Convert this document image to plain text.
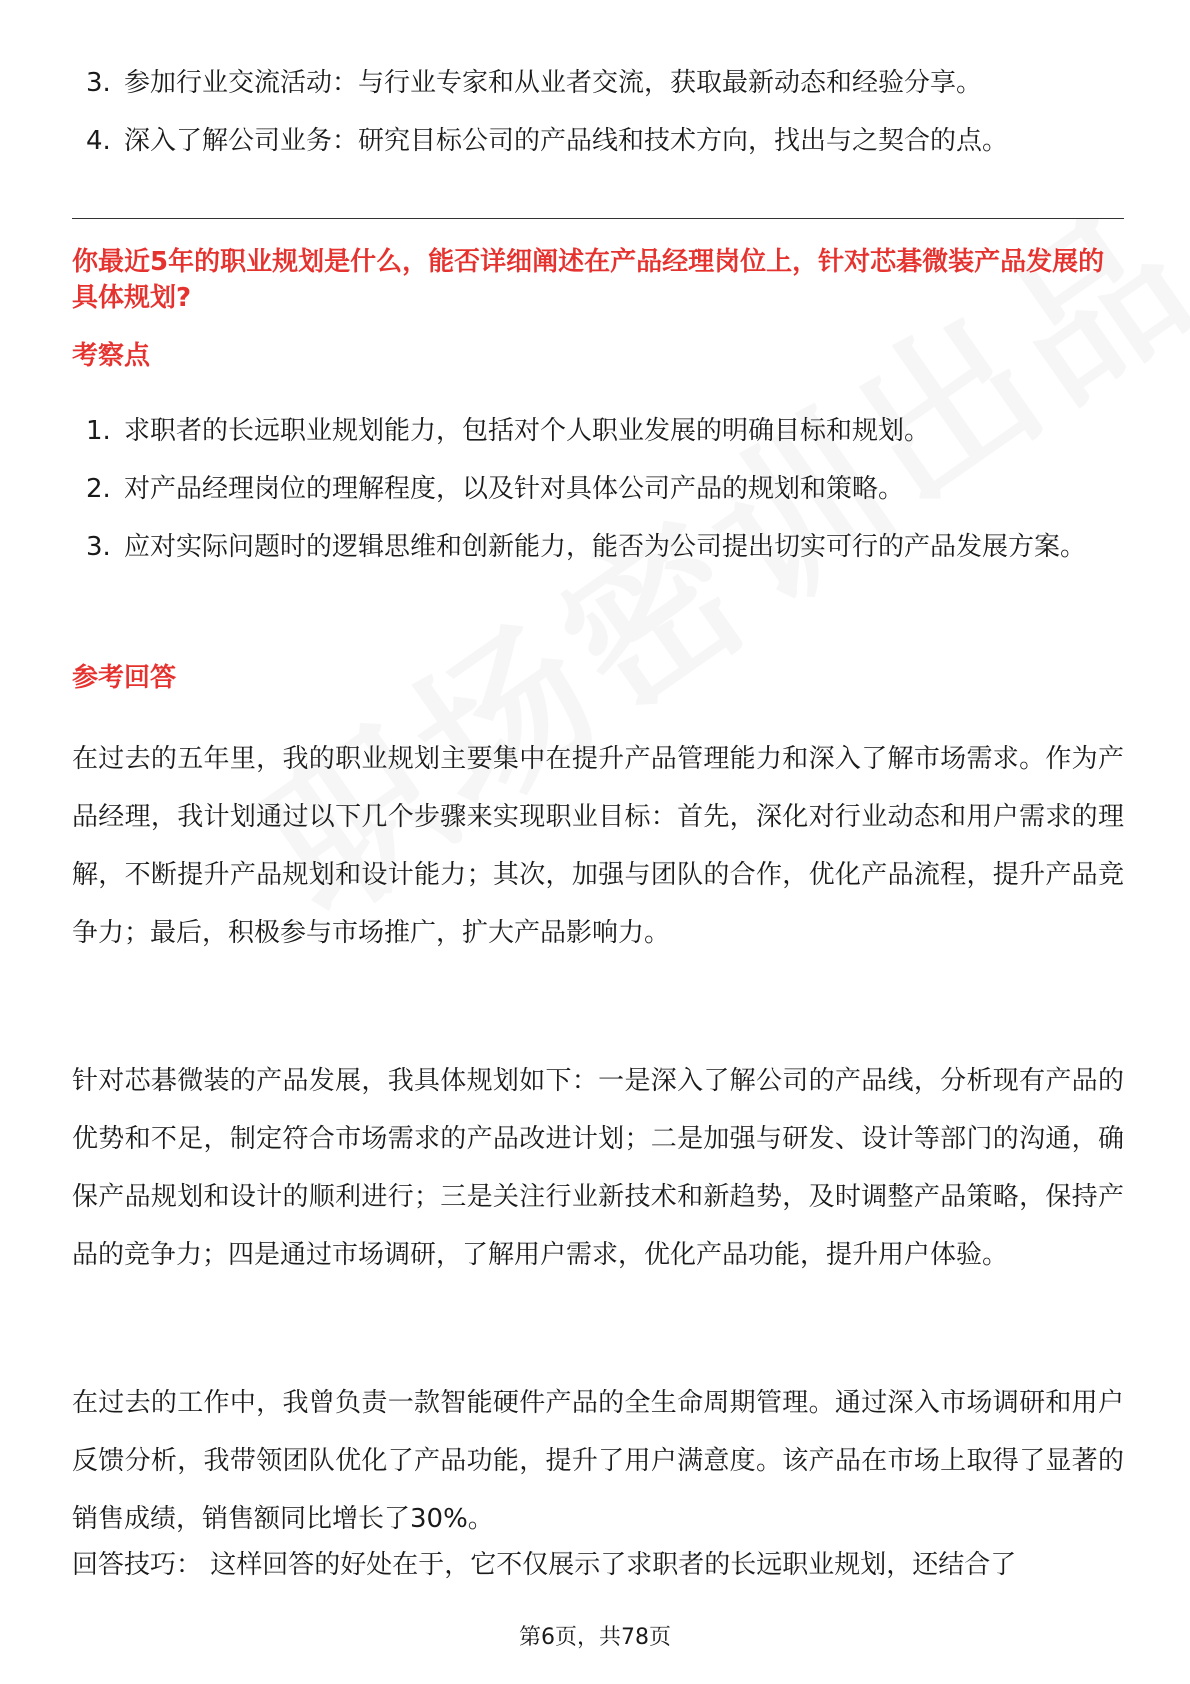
3. 参加行业交流活动：与行业专家和从业者交流，获取最新动态和经验分享。
4. 深入了解公司业务：研究目标公司的产品线和技术方向，找出与之契合的点。
你最近5年的职业规划是什么，能否详细阐述在产品经理岗位上，针对芯碁微装产品发展的具体规划?
考察点
1. 求职者的长远职业规划能力，包括对个人职业发展的明确目标和规划。
2. 对产品经理岗位的理解程度，以及针对具体公司产品的规划和策略。
3. 应对实际问题时的逻辑思维和创新能力，能否为公司提出切实可行的产品发展方案。
参考回答

在过去的五年里，我的职业规划主要集中在提升产品管理能力和深入了解市场需求。作为产品经理，我计划通过以下几个步骤来实现职业目标：首先，深化对行业动态和用户需求的理解，不断提升产品规划和设计能力；其次，加强与团队的合作，优化产品流程，提升产品竞争力；最后，积极参与市场推广，扩大产品影响力。

针对芯碁微装的产品发展，我具体规划如下：一是深入了解公司的产品线，分析现有产品的优势和不足，制定符合市场需求的产品改进计划；二是加强与研发、设计等部门的沟通，确保产品规划和设计的顺利进行；三是关注行业新技术和新趋势，及时调整产品策略，保持产品的竞争力；四是通过市场调研，了解用户需求，优化产品功能，提升用户体验。

在过去的工作中，我曾负责一款智能硬件产品的全生命周期管理。通过深入市场调研和用户反馈分析，我带领团队优化了产品功能，提升了用户满意度。该产品在市场上取得了显著的销售成绩，销售额同比增长了30%。

回答技巧： 这样回答的好处在于，它不仅展示了求职者的长远职业规划，还结合了

第6页，共78页
